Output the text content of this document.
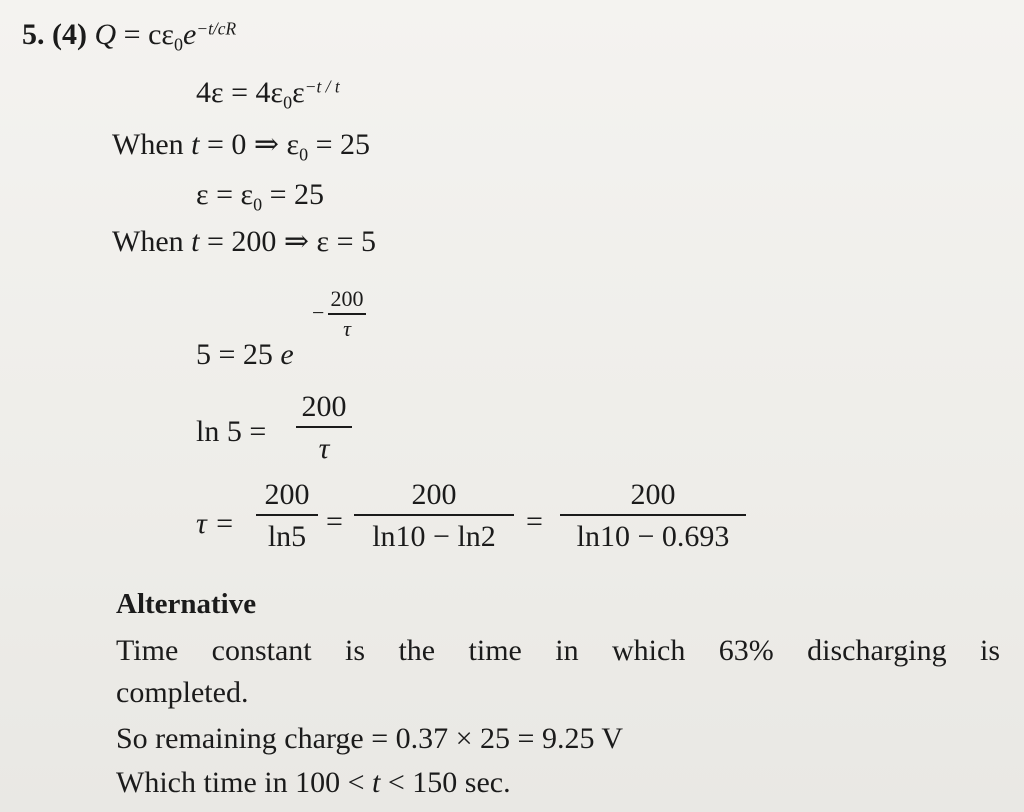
5. (4) $Q = c\varepsilon_0e^{-t/cR}$
$4\varepsilon = 4\varepsilon_0\varepsilon^{-t / t}$
When t = 0 ⇒ $\varepsilon_0 = 25$
$\varepsilon = \varepsilon_0 = 25$
When t = 200 ⇒ ε = 5
5 = 25 e
−
200
τ
ln 5 =
200
τ
τ =
200
ln5 =
200
ln10 − ln2	=
200
ln10 − 0.693
Alternative
Time constant is the time in which 63% discharging is
completed.
So remaining charge = 0.37 × 25 = 9.25 V
Which time in 100 < t < 150 sec.
